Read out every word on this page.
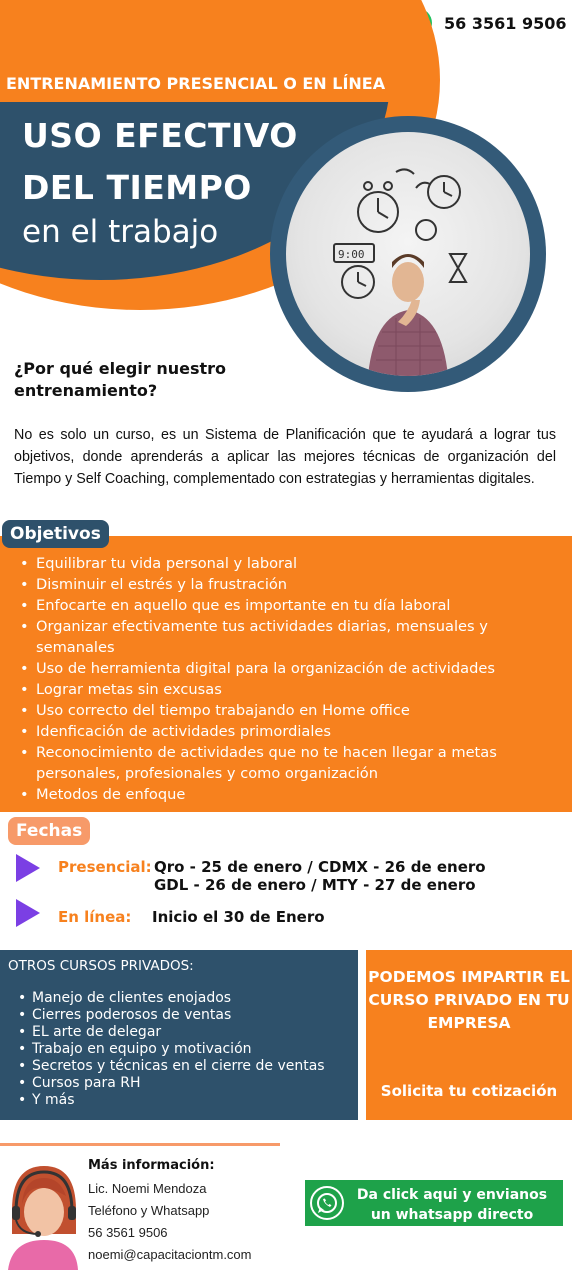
56 3561 9506
ENTRENAMIENTO PRESENCIAL O EN LÍNEA
USO EFECTIVO
DEL TIEMPO
en el trabajo
9:00
¿Por qué elegir nuestro entrenamiento?
No es solo un curso, es un Sistema de Planificación que te ayudará a lograr tus objetivos, donde aprenderás a aplicar las mejores técnicas de organización del Tiempo y Self Coaching, complementado con estrategias y herramientas digitales.
Objetivos
• Equilibrar tu vida personal y laboral
• Disminuir el estrés y la frustración
• Enfocarte en aquello que es importante en tu día laboral
• Organizar efectivamente tus actividades diarias, mensuales y semanales
• Uso de herramienta digital para la organización de actividades
• Lograr metas sin excusas
• Uso correcto del tiempo trabajando en Home office
• Idenficación de actividades primordiales
• Reconocimiento de actividades que no te hacen llegar a metas personales, profesionales y como organización
• Metodos de enfoque
Fechas
Presencial: Qro - 25 de enero / CDMX - 26 de enero
GDL - 26 de enero / MTY - 27 de enero
En línea: Inicio el 30 de Enero
OTROS CURSOS PRIVADOS:
• Manejo de clientes enojados
• Cierres poderosos de ventas
• EL arte de delegar
• Trabajo en equipo y motivación
• Secretos y técnicas en el cierre de ventas
• Cursos para RH
• Y más
PODEMOS IMPARTIR EL CURSO PRIVADO EN TU EMPRESA
Solicita tu cotización
Más información:
Lic. Noemi Mendoza
Teléfono y Whatsapp
56 3561 9506
noemi@capacitaciontm.com
Da click aqui y envianos un whatsapp directo
